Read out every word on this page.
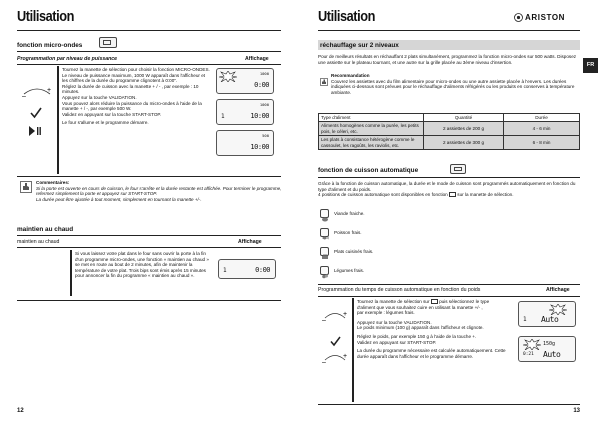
Utilisation
fonction micro-ondes
Programmation par niveau de puissance	Affichage
–
+
Tournez la manette de sélection pour choisir la fonction MICRO-ONDES.
Le niveau de puissance maximum, 1000 W apparaît dans l'afficheur et les chiffres de la durée du programme clignotent à 0:00".
Réglez la durée de cuisson avec la manette + / - , par exemple : 10 minutes.
Appuyez sur la touche VALIDATION.
Vous pouvez alors réduire la puissance du micro-ondes à l'aide de la manette + / -, par exemple 500 W.
Validez en appuyant sur la touche START-STOP.
Le four s'allume et le programme démarre.
1000
0:00
1000
10:00
1
500
10:00
Commentaires:
Si la porte est ouverte en cours de cuisson, le four s'arrête et la durée restante est affichée. Pour terminer le programme, refermez simplement la porte et appuyez sur START-STOP.
La durée peut être ajustée à tout moment, simplement en tournant la manette +/-.
maintien au chaud
maintien au chaud	Affichage
Si vous laissez votre plat dans le four sans ouvrir la porte à la fin d'un programme micro-ondes, une fonction « maintien au chaud » se met en route au bout de 2 minutes, afin de maintenir la température de votre plat. Trois bips sont émis après 15 minutes pour annoncer la fin du programme « maintien au chaud ».
0:00
1
12
Utilisation	ARISTON
réchauffage sur 2 niveaux
Pour de meilleurs résultats en réchauffant 2 plats simultanément, programmez la fonction micro-ondes sur 500 watts. Disposez une assiette sur le plateau tournant, et une autre sur la grille placée au 3ème niveau d'insertion.	FR
Recommandation
Couvrez les assiettes avec du film alimentaire pour micro-ondes ou une autre assiette placée à l'envers. Les durées indiquées ci-dessous sont prévues pour le réchauffage d'aliments réfrigérés ou les produits en conserves à température ambiante.
Type d'aliment	Quantité	Durée
Aliments homogènes comme la purée, les petits pois, le céleri, etc.	2 assiettes de 200 g	4 - 6 min
Les plats à consistance hétérogène comme le cassoulet, les ragoûts, les raviolis, etc.	2 assiettes de 300 g	6 - 8 min
fonction de cuisson automatique
Grâce à la fonction de cuisson automatique, la durée et le mode de cuisson sont programmés automatiquement en fonction du type d'aliment et du poids.
4 positions de cuisson automatique sont disponibles en fonction sur la manette de sélection.
Viande fraiche.
Poisson frais.
Plats cuisinés frais.
Légumes frais.
Programmation du temps de cuisson automatique en fonction du poids	Affichage
–
+
–
+
Tournez la manette de sélection sur puis sélectionnez le type d'aliment que vous souhaitez cuire en utilisant la manette +/- ,
par exemple : légumes frais.
Appuyez sur la touche VALIDATION.
Le poids minimum (100 g) apparaît dans l'afficheur et clignote.
Réglez le poids, par exemple 150 g à l'aide de la touche +.
Validez en appuyant sur START-STOP.
La durée du programme nécessaire est calculée automatiquement. Cette durée apparaît dans l'afficheur et le programme démarre.
Auto
1
150g
0:21 Auto
13
